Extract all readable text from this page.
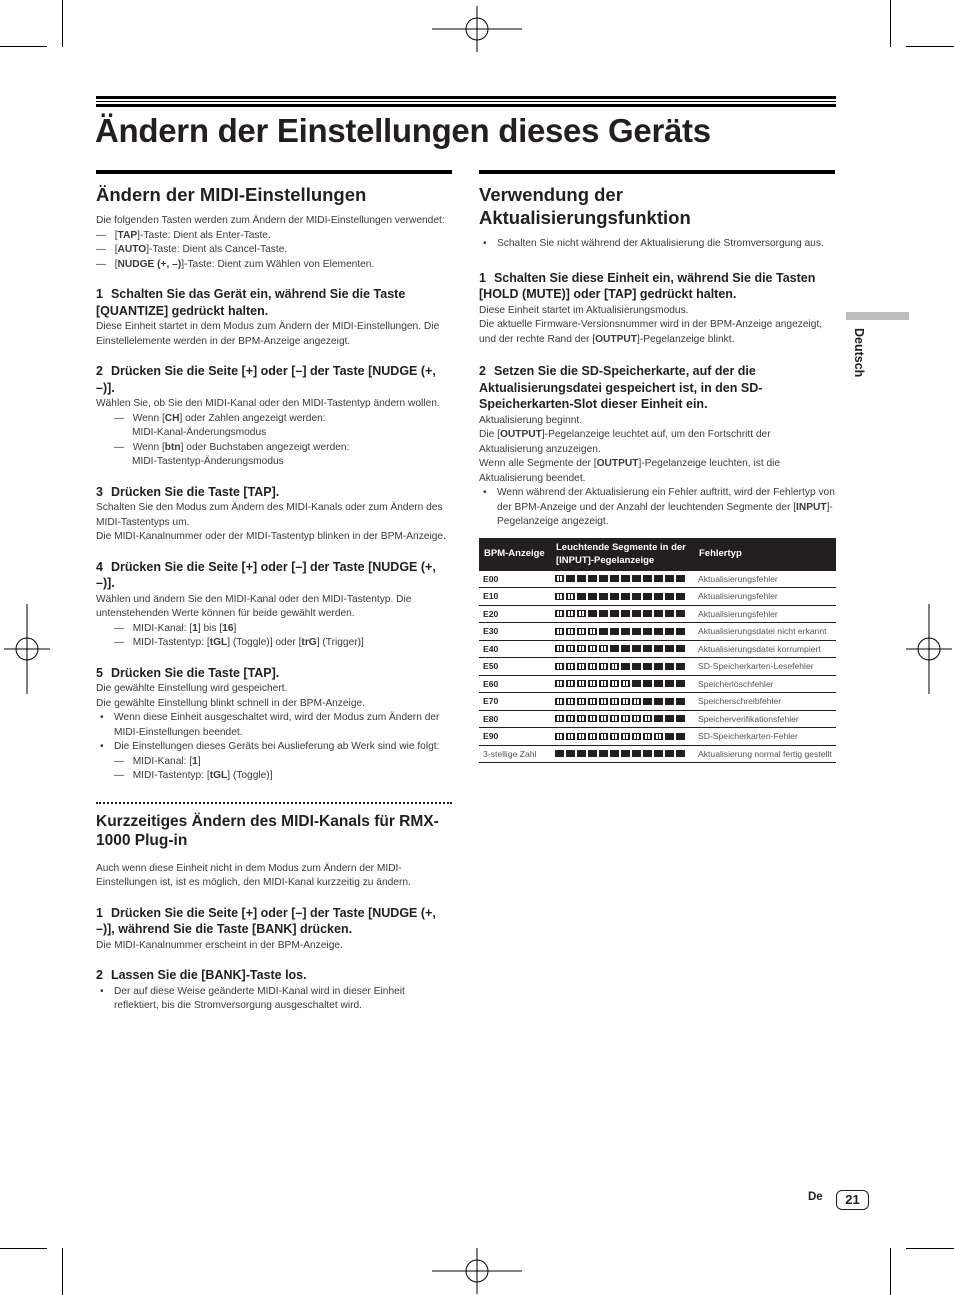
Ändern der Einstellungen dieses Geräts
Ändern der MIDI-Einstellungen

Die folgenden Tasten werden zum Ändern der MIDI-Einstellungen verwendet:

— [TAP]-Taste: Dient als Enter-Taste.

— [AUTO]-Taste: Dient als Cancel-Taste.

— [NUDGE (+, –)]-Taste: Dient zum Wählen von Elementen.

1 Schalten Sie das Gerät ein, während Sie die Taste [QUANTIZE] gedrückt halten.

Diese Einheit startet in dem Modus zum Ändern der MIDI-Einstellungen. Die Einstellelemente werden in der BPM-Anzeige angezeigt.

2 Drücken Sie die Seite [+] oder [–] der Taste [NUDGE (+, –)].

Wählen Sie, ob Sie den MIDI-Kanal oder den MIDI-Tastentyp ändern wollen.

—   Wenn [CH] oder Zahlen angezeigt werden:

MIDI-Kanal-Änderungsmodus

—   Wenn [btn] oder Buchstaben angezeigt werden:

MIDI-Tastentyp-Änderungsmodus

3 Drücken Sie die Taste [TAP].

Schalten Sie den Modus zum Ändern des MIDI-Kanals oder zum Ändern des MIDI-Tastentyps um.

Die MIDI-Kanalnummer oder der MIDI-Tastentyp blinken in der BPM-Anzeige.

4 Drücken Sie die Seite [+] oder [–] der Taste [NUDGE (+, –)].

Wählen und ändern Sie den MIDI-Kanal oder den MIDI-Tastentyp. Die untenstehenden Werte können für beide gewählt werden.

—   MIDI-Kanal: [1] bis [16]

—   MIDI-Tastentyp: [tGL] (Toggle)] oder [trG] (Trigger)]

5 Drücken Sie die Taste [TAP].

Die gewählte Einstellung wird gespeichert.

Die gewählte Einstellung blinkt schnell in der BPM-Anzeige.

• Wenn diese Einheit ausgeschaltet wird, wird der Modus zum Ändern der MIDI-Einstellungen beendet.

• Die Einstellungen dieses Geräts bei Auslieferung ab Werk sind wie folgt:

—   MIDI-Kanal: [1]

—   MIDI-Tastentyp: [tGL] (Toggle)]

Kurzzeitiges Ändern des MIDI-Kanals für RMX-1000 Plug-in

Auch wenn diese Einheit nicht in dem Modus zum Ändern der MIDI-Einstellungen ist, ist es möglich, den MIDI-Kanal kurzzeitig zu ändern.

1 Drücken Sie die Seite [+] oder [–] der Taste [NUDGE (+, –)], während Sie die Taste [BANK] drücken.

Die MIDI-Kanalnummer erscheint in der BPM-Anzeige.

2 Lassen Sie die [BANK]-Taste los.

• Der auf diese Weise geänderte MIDI-Kanal wird in dieser Einheit reflektiert, bis die Stromversorgung ausgeschaltet wird.

Verwendung der Aktualisierungsfunktion

• Schalten Sie nicht während der Aktualisierung die Stromversorgung aus.

1 Schalten Sie diese Einheit ein, während Sie die Tasten [HOLD (MUTE)] oder [TAP] gedrückt halten.

Diese Einheit startet im Aktualisierungsmodus.

Die aktuelle Firmware-Versionsnummer wird in der BPM-Anzeige angezeigt, und der rechte Rand der [OUTPUT]-Pegelanzeige blinkt.

2 Setzen Sie die SD-Speicherkarte, auf der die Aktualisierungsdatei gespeichert ist, in den SD-Speicherkarten-Slot dieser Einheit ein.

Aktualisierung beginnt.

Die [OUTPUT]-Pegelanzeige leuchtet auf, um den Fortschritt der Aktualisierung anzuzeigen.

Wenn alle Segmente der [OUTPUT]-Pegelanzeige leuchten, ist die Aktualisierung beendet.

• Wenn während der Aktualisierung ein Fehler auftritt, wird der Fehlertyp von der BPM-Anzeige und der Anzahl der leuchtenden Segmente der [INPUT]-Pegelanzeige angezeigt.

BPM-Anzeige	Leuchtende Segmente in der [INPUT]-Pegelanzeige	Fehlertyp
E00		Aktualisierungsfehler
E10		Aktualisierungsfehler
E20		Aktualisierungsfehler
E30		Aktualisierungsdatei nicht erkannt
E40		Aktualisierungsdatei korrumpiert
E50		SD-Speicherkarten-Lesefehler
E60		Speicherlöschfehler
E70		Speicherschreibfehler
E80		Speicherverifikationsfehler
E90		SD-Speicherkarten-Fehler
3-stellige Zahl		Aktualisierung normal fertig gestellt
Deutsch
De	21
